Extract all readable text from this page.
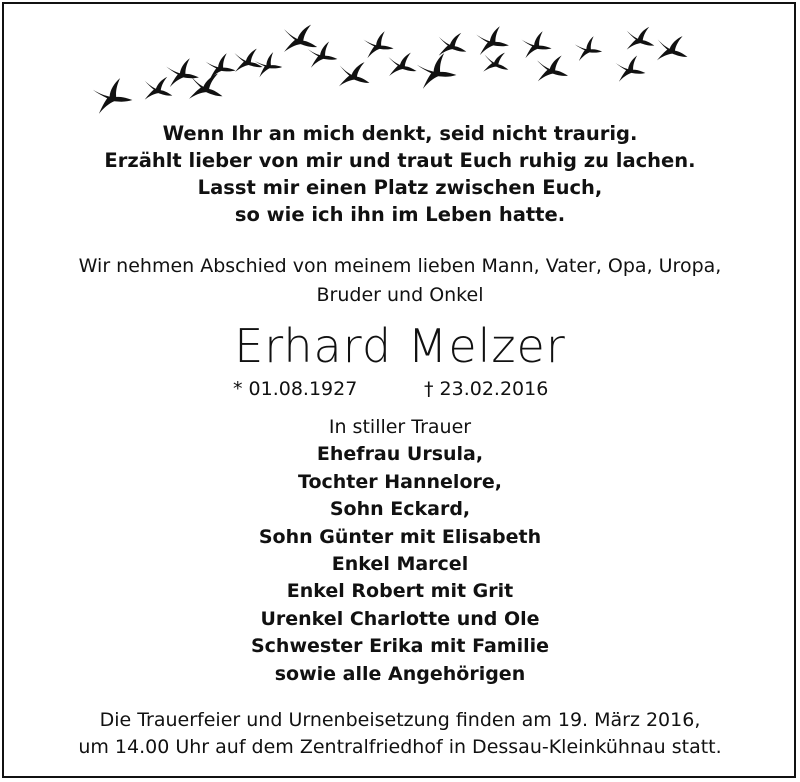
Wenn Ihr an mich denkt, seid nicht traurig.
Erzählt lieber von mir und traut Euch ruhig zu lachen.
Lasst mir einen Platz zwischen Euch,
so wie ich ihn im Leben hatte.
Wir nehmen Abschied von meinem lieben Mann, Vater, Opa, Uropa,
Bruder und Onkel
Erhard Melzer
* 01.08.1927	† 23.02.2016
In stiller Trauer
Ehefrau Ursula,
Tochter Hannelore,
Sohn Eckard,
Sohn Günter mit Elisabeth
Enkel Marcel
Enkel Robert mit Grit
Urenkel Charlotte und Ole
Schwester Erika mit Familie
sowie alle Angehörigen
Die Trauerfeier und Urnenbeisetzung finden am 19. März 2016,
um 14.00 Uhr auf dem Zentralfriedhof in Dessau-Kleinkühnau statt.
